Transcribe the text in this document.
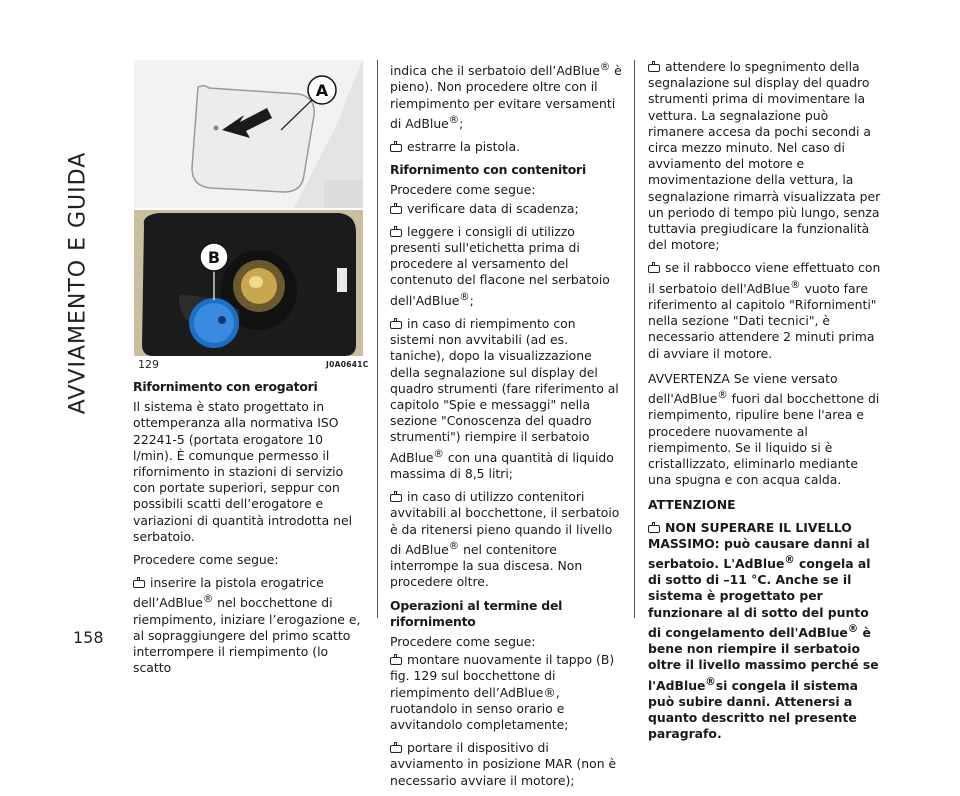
AVVIAMENTO E GUIDA
158
A
B
129	J0A0641C

Rifornimento con erogatori

Il sistema è stato progettato in ottemperanza alla normativa ISO 22241-5 (portata erogatore 10 l/min). È comunque permesso il rifornimento in stazioni di servizio con portate superiori, seppur con possibili scatti dell’erogatore e variazioni di quantità introdotta nel serbatoio.

Procedere come segue:

inserire la pistola erogatrice dell’AdBlue® nel bocchettone di riempimento, iniziare l’erogazione e, al sopraggiungere del primo scatto interrompere il riempimento (lo scatto

indica che il serbatoio dell’AdBlue® è pieno). Non procedere oltre con il riempimento per evitare versamenti di AdBlue®;

estrarre la pistola.

Rifornimento con contenitori

Procedere come segue:

verificare data di scadenza;

leggere i consigli di utilizzo presenti sull'etichetta prima di procedere al versamento del contenuto del flacone nel serbatoio dell'AdBlue®;

in caso di riempimento con sistemi non avvitabili (ad es. taniche), dopo la visualizzazione della segnalazione sul display del quadro strumenti (fare riferimento al capitolo "Spie e messaggi" nella sezione "Conoscenza del quadro strumenti") riempire il serbatoio AdBlue® con una quantità di liquido massima di 8,5 litri;

in caso di utilizzo contenitori avvitabili al bocchettone, il serbatoio è da ritenersi pieno quando il livello di AdBlue® nel contenitore interrompe la sua discesa. Non procedere oltre.

Operazioni al termine del rifornimento

Procedere come segue:

montare nuovamente il tappo (B) fig. 129 sul bocchettone di riempimento dell’AdBlue®, ruotandolo in senso orario e avvitandolo completamente;

portare il dispositivo di avviamento in posizione MAR (non è necessario avviare il motore);

attendere lo spegnimento della segnalazione sul display del quadro strumenti prima di movimentare la vettura. La segnalazione può rimanere accesa da pochi secondi a circa mezzo minuto. Nel caso di avviamento del motore e movimentazione della vettura, la segnalazione rimarrà visualizzata per un periodo di tempo più lungo, senza tuttavia pregiudicare la funzionalità del motore;

se il rabbocco viene effettuato con il serbatoio dell'AdBlue® vuoto fare riferimento al capitolo "Rifornimenti" nella sezione "Dati tecnici", è necessario attendere 2 minuti prima di avviare il motore.

AVVERTENZA Se viene versato dell'AdBlue® fuori dal bocchettone di riempimento, ripulire bene l'area e procedere nuovamente al riempimento. Se il liquido si è cristallizzato, eliminarlo mediante una spugna e con acqua calda.

ATTENZIONE

NON SUPERARE IL LIVELLO MASSIMO: può causare danni al serbatoio. L'AdBlue® congela al di sotto di –11 °C. Anche se il sistema è progettato per funzionare al di sotto del punto di congelamento dell'AdBlue® è bene non riempire il serbatoio oltre il livello massimo perché se l'AdBlue®si congela il sistema può subire danni. Attenersi a quanto descritto nel presente paragrafo.
